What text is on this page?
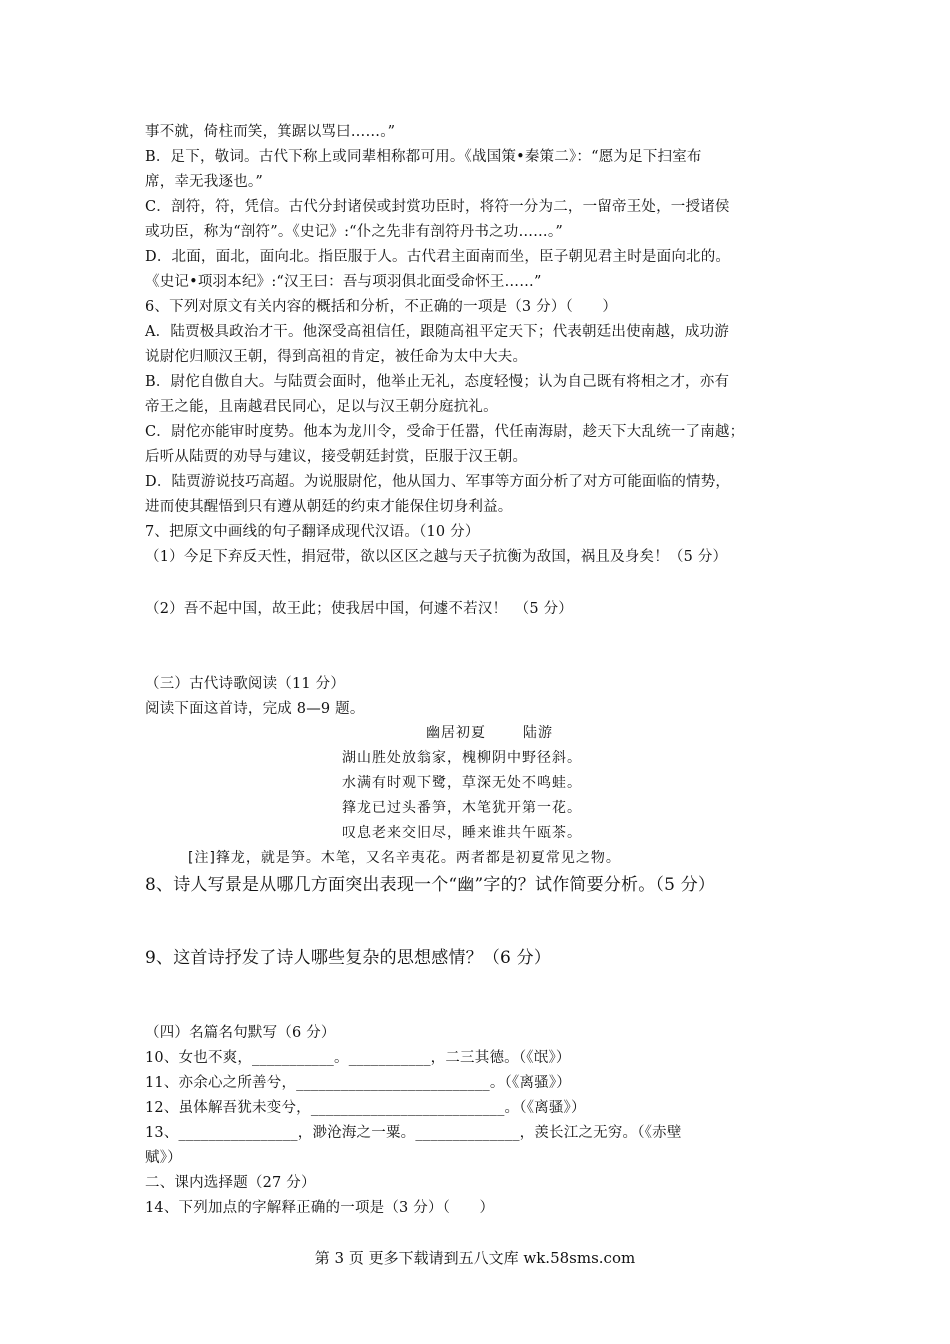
事不就，倚柱而笑，箕踞以骂曰……。”
B．足下，敬词。古代下称上或同辈相称都可用。《战国策•秦策二》：“愿为足下扫室布
席，幸无我逐也。”
C．剖符，符，凭信。古代分封诸侯或封赏功臣时，将符一分为二，一留帝王处，一授诸侯
或功臣，称为“剖符”。《史记》:“仆之先非有剖符丹书之功……。”
D．北面，面北，面向北。指臣服于人。古代君主面南而坐，臣子朝见君主时是面向北的。
《史记•项羽本纪》:“汉王曰：吾与项羽俱北面受命怀王……”
6、下列对原文有关内容的概括和分析，不正确的一项是（3 分）（　　）
A．陆贾极具政治才干。他深受高祖信任，跟随高祖平定天下；代表朝廷出使南越，成功游
说尉佗归顺汉王朝，得到高祖的肯定，被任命为太中大夫。
B．尉佗自傲自大。与陆贾会面时，他举止无礼，态度轻慢；认为自己既有将相之才，亦有
帝王之能，且南越君民同心，足以与汉王朝分庭抗礼。
C．尉佗亦能审时度势。他本为龙川令，受命于任嚣，代任南海尉，趁天下大乱统一了南越；
后听从陆贾的劝导与建议，接受朝廷封赏，臣服于汉王朝。
D．陆贾游说技巧高超。为说服尉佗，他从国力、军事等方面分析了对方可能面临的情势，
进而使其醒悟到只有遵从朝廷的约束才能保住切身利益。
7、把原文中画线的句子翻译成现代汉语。（10 分）
（1）今足下弃反天性，捐冠带，欲以区区之越与天子抗衡为敌国，祸且及身矣！（5 分）
（2）吾不起中国，故王此；使我居中国，何遽不若汉！　（5 分）
（三）古代诗歌阅读（11 分）
阅读下面这首诗，完成 8—9 题。
幽居初夏	陆游
湖山胜处放翁家，槐柳阴中野径斜。
水满有时观下鹭，草深无处不鸣蛙。
箨龙已过头番笋，木笔犹开第一花。
叹息老来交旧尽，睡来谁共午瓯茶。
[注]箨龙，就是笋。木笔，又名辛夷花。两者都是初夏常见之物。
8、诗人写景是从哪几方面突出表现一个“幽”字的？试作简要分析。（5 分）
9、这首诗抒发了诗人哪些复杂的思想感情？（6 分）
（四）名篇名句默写（6 分）
10、女也不爽，___________。___________，二三其德。（《氓》）
11、亦余心之所善兮，__________________________。（《离骚》）
12、虽体解吾犹未变兮，__________________________。（《离骚》）
13、________________，渺沧海之一粟。______________，羡长江之无穷。（《赤壁
赋》）
二、课内选择题（27 分）
14、下列加点的字解释正确的一项是（3 分）（　　）
第 3 页 更多下载请到五八文库 wk.58sms.com
